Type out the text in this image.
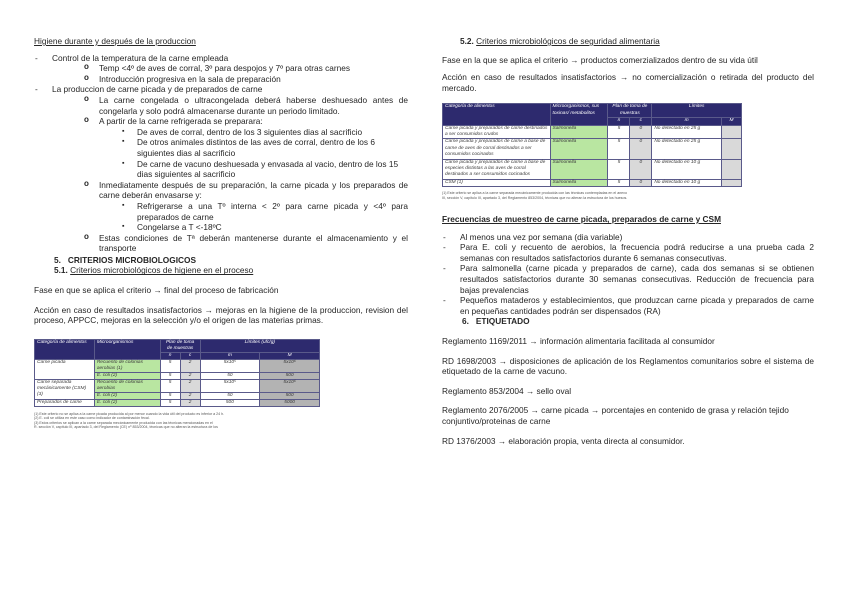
Higiene durante y después de la produccion

- Control de la temperatura de la carne empleada
o Temp <4º de aves de corral, 3º para despojos y 7º para otras carnes
o Introducción progresiva en la sala de preparación
- La produccion de carne picada y de preparados de carne
o La carne congelada o ultracongelada deberá haberse deshuesado antes de congelarla y solo podrá almacenarse durante un periodo limitado.
o A partir de la carne refrigerada se preparara:
▪ De aves de corral, dentro de los 3 siguientes dias al sacrificio
▪ De otros animales distintos de las aves de corral, dentro de los 6 siguientes dias al sacrificio
▪ De carne de vacuno deshuesada y envasada al vacio, dentro de los 15 dias siguientes al sacrificio
o Inmediatamente después de su preparación, la carne picada y los preparados de carne deberán envasarse y:
▪ Refrigerarse a una Tº interna < 2º para carne picada y <4º para preparados de carne
▪ Congelarse a T <-18ºC
o Estas condiciones de Tª deberán mantenerse durante el almacenamiento y el transporte

5. CRITERIOS MICROBIOLOGICOS

5.1. Criterios microbiológicos de higiene en el proceso

Fase en que se aplica el criterio → final del proceso de fabricación

Acción en caso de resultados insatisfactorios → mejoras en la higiene de la produccion, revision del proceso, APPCC, mejoras en la selección y/o el origen de las materias primas.

Categoría de alimentos	Microorganismos	Plan de toma de muestras		Límites (ufc/g)	
		n	c	m	M
Carne picada	Recuento de colonias aerobias (1)	5	2	5x10⁵	5x10⁶
	E. coli (2)	5	2	50	500
Carne separada mecánicamente (CSM) (3)	Recuento de colonias aerobias	5	2	5x10⁵	5x10⁶
	E. coli (2)	5	2	50	500
Preparados de carne	E. coli (2)	5	2	500	5000

(1) Este criterio no se aplica a la carne picada producida al por menor cuando la vida útil del producto es inferior a 24 h.

(2) E. coli se utiliza en este caso como indicador de contaminación fecal.

(3) Estos criterios se aplican a la carne separada mecánicamente producida con las técnicas mencionadas en el

R. sección V, capítulo III, apartado 3, del Reglamento (CE) nº 853/2004, técnicas que no alteran la estructura de los

5.2. Criterios microbiológicos de seguridad alimentaria

Fase en la que se aplica el criterio → productos comerzializados dentro de su vida útil

Acción en caso de resultados insatisfactorios → no comercialización o retirada del producto del mercado.

Categoría de alimentos	Microorganismos, sus toxinas/ metabolitos	Plan de toma de muestras		Límites	
		n	c	m	M
Carne picada y preparados de carne destinados a ser consumidos crudos	Salmonella	5	0	No detectado en 25 g	
Carne picada y preparados de carne a base de carne de aves de corral destinados a ser consumidos cocinados	Salmonella	5	0	No detectado en 25 g	
Carne picada y preparados de carne a base de especies distintas a las aves de corral destinados a ser consumidos cocinados	Salmonella	5	0	No detectado en 10 g	
CSM (1)	Salmonella	5	0	No detectado en 10 g	

(1) Este criterio se aplica a la carne separada mecánicamente producida con las técnicas contempladas en el anexo

III, sección V, capítulo III, apartado 3, del Reglamento 853/2004, técnicas que no alteran la estructura de los huesos.

Frecuencias de muestreo de carne picada, preparados de carne y CSM

- Al menos una vez por semana (dia variable)
- Para E. coli y recuento de aerobios, la frecuencia podrá reducirse a una prueba cada 2 semanas con resultados satisfactorios durante 6 semanas consecutivas.
- Para salmonella (carne picada y preparados de carne), cada dos semanas si se obtienen resultados satisfactorios durante 30 semanas consecutivas. Reducción de frecuencia para bajas prevalencias
- Pequeños mataderos y establecimientos, que produzcan carne picada y preparados de carne en pequeñas cantidades podrán ser dispensados (RA)

6. ETIQUETADO

Reglamento 1169/2011 → información alimentaria facilitada al consumidor

RD 1698/2003 → disposiciones de aplicación de los Reglamentos comunitarios sobre el sistema de etiquetado de la carne de vacuno.

Reglamento 853/2004 → sello oval

Reglamento 2076/2005 → carne picada → porcentajes en contenido de grasa y relación tejido conjuntivo/proteinas de carne

RD 1376/2003 → elaboración propia, venta directa al consumidor.
